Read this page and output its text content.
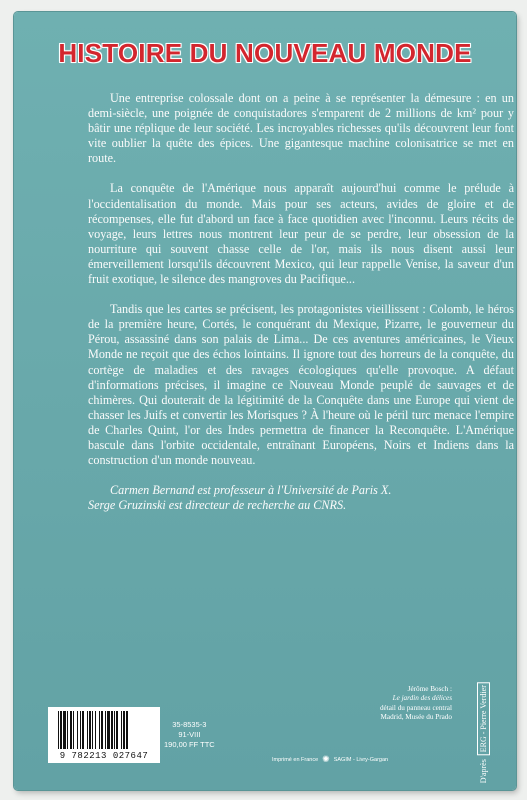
HISTOIRE DU NOUVEAU MONDE

Une entreprise colossale dont on a peine à se représenter la démesure : en un demi-siècle, une poignée de conquistadores s'emparent de 2 millions de km² pour y bâtir une réplique de leur société. Les incroyables richesses qu'ils découvrent leur font vite oublier la quête des épices. Une gigantesque machine colonisatrice se met en route.

La conquête de l'Amérique nous apparaît aujourd'hui comme le prélude à l'occidentalisation du monde. Mais pour ses acteurs, avides de gloire et de récompenses, elle fut d'abord un face à face quotidien avec l'inconnu. Leurs récits de voyage, leurs lettres nous montrent leur peur de se perdre, leur obsession de la nourriture qui souvent chasse celle de l'or, mais ils nous disent aussi leur émerveillement lorsqu'ils découvrent Mexico, qui leur rappelle Venise, la saveur d'un fruit exotique, le silence des mangroves du Pacifique...

Tandis que les cartes se précisent, les protagonistes vieillissent : Colomb, le héros de la première heure, Cortés, le conquérant du Mexique, Pizarre, le gouverneur du Pérou, assassiné dans son palais de Lima... De ces aventures américaines, le Vieux Monde ne reçoit que des échos lointains. Il ignore tout des horreurs de la conquête, du cortège de maladies et des ravages écologiques qu'elle provoque. A défaut d'informations précises, il imagine ce Nouveau Monde peuplé de sauvages et de chimères. Qui douterait de la légitimité de la Conquête dans une Europe qui vient de chasser les Juifs et convertir les Morisques ? À l'heure où le péril turc menace l'empire de Charles Quint, l'or des Indes permettra de financer la Reconquête. L'Amérique bascule dans l'orbite occidentale, entraînant Européens, Noirs et Indiens dans la construction d'un monde nouveau.

Carmen Bernand est professeur à l'Université de Paris X.
Serge Gruzinski est directeur de recherche au CNRS.

Jérôme Bosch :
Le jardin des délices
détail du panneau central
Madrid, Musée du Prado
D'après
ERG - Pierre Verdier
9 782213 027647
35-8535-3
91-VIII
190,00 FF TTC
Imprimé en France ✺ SAGIM - Livry-Gargan
